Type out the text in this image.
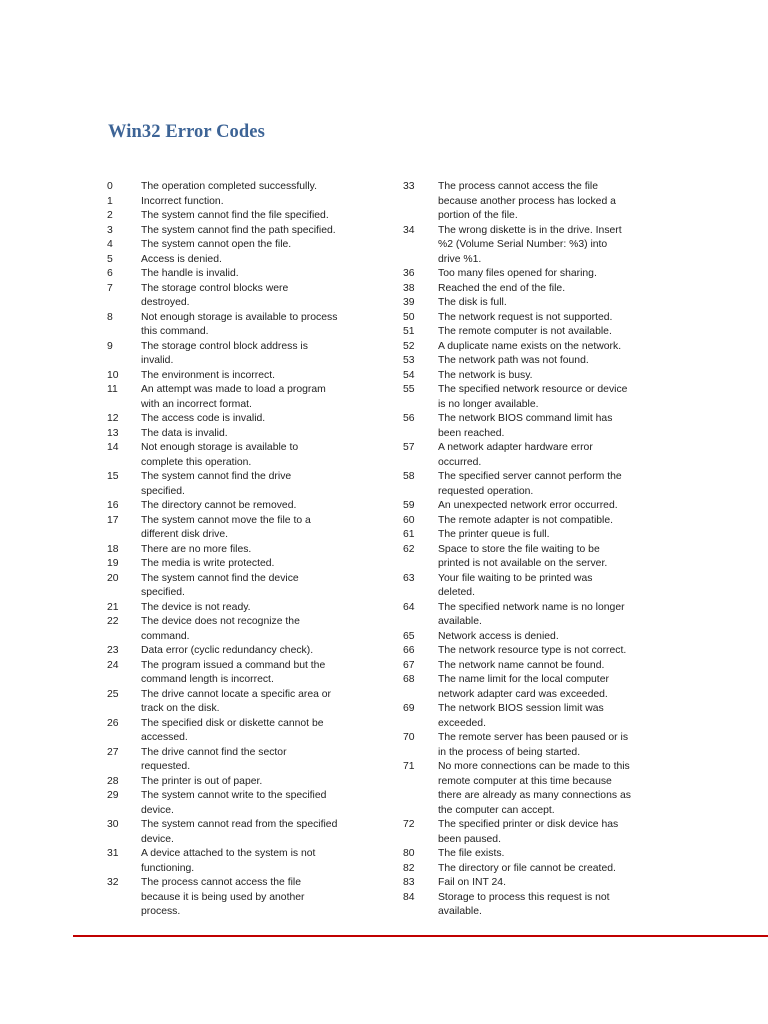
Win32 Error Codes
0	The operation completed successfully.
1	Incorrect function.
2	The system cannot find the file specified.
3	The system cannot find the path specified.
4	The system cannot open the file.
5	Access is denied.
6	The handle is invalid.
7	The storage control blocks were
destroyed.
8	Not enough storage is available to process
this command.
9	The storage control block address is
invalid.
10	The environment is incorrect.
11	An attempt was made to load a program
with an incorrect format.
12	The access code is invalid.
13	The data is invalid.
14	Not enough storage is available to
complete this operation.
15	The system cannot find the drive
specified.
16	The directory cannot be removed.
17	The system cannot move the file to a
different disk drive.
18	There are no more files.
19	The media is write protected.
20	The system cannot find the device
specified.
21	The device is not ready.
22	The device does not recognize the
command.
23	Data error (cyclic redundancy check).
24	The program issued a command but the
command length is incorrect.
25	The drive cannot locate a specific area or
track on the disk.
26	The specified disk or diskette cannot be
accessed.
27	The drive cannot find the sector
requested.
28	The printer is out of paper.
29	The system cannot write to the specified
device.
30	The system cannot read from the specified
device.
31	A device attached to the system is not
functioning.
32	The process cannot access the file
because it is being used by another
process.
33	The process cannot access the file
because another process has locked a
portion of the file.
34	The wrong diskette is in the drive. Insert
%2 (Volume Serial Number: %3) into
drive %1.
36	Too many files opened for sharing.
38	Reached the end of the file.
39	The disk is full.
50	The network request is not supported.
51	The remote computer is not available.
52	A duplicate name exists on the network.
53	The network path was not found.
54	The network is busy.
55	The specified network resource or device
is no longer available.
56	The network BIOS command limit has
been reached.
57	A network adapter hardware error
occurred.
58	The specified server cannot perform the
requested operation.
59	An unexpected network error occurred.
60	The remote adapter is not compatible.
61	The printer queue is full.
62	Space to store the file waiting to be
printed is not available on the server.
63	Your file waiting to be printed was
deleted.
64	The specified network name is no longer
available.
65	Network access is denied.
66	The network resource type is not correct.
67	The network name cannot be found.
68	The name limit for the local computer
network adapter card was exceeded.
69	The network BIOS session limit was
exceeded.
70	The remote server has been paused or is
in the process of being started.
71	No more connections can be made to this
remote computer at this time because
there are already as many connections as
the computer can accept.
72	The specified printer or disk device has
been paused.
80	The file exists.
82	The directory or file cannot be created.
83	Fail on INT 24.
84	Storage to process this request is not
available.
